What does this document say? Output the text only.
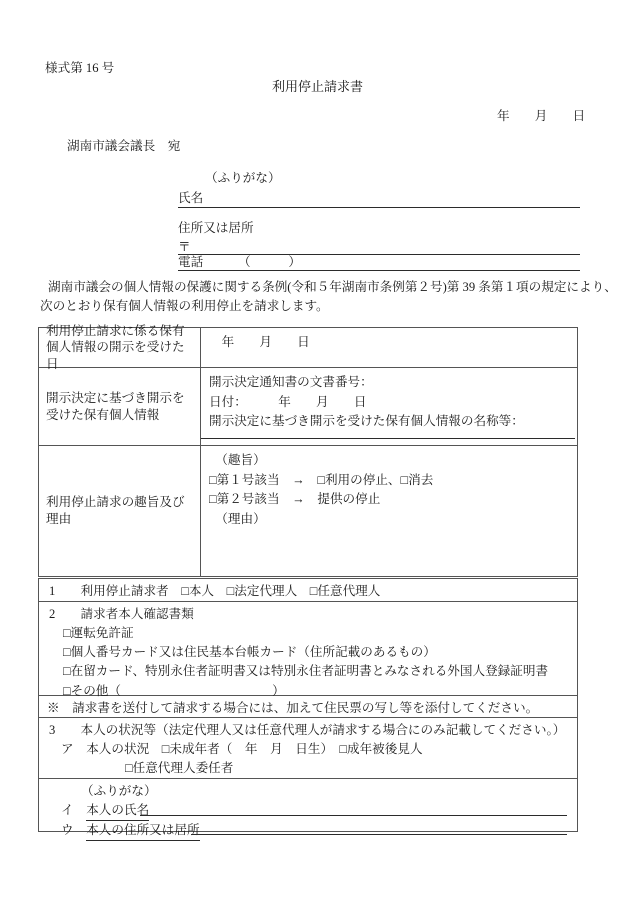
様式第 16 号
利用停止請求書
年　　月　　日
湖南市議会議長　宛
（ふりがな）
氏名
住所又は居所
〒
電話	（　　　）
湖南市議会の個人情報の保護に関する条例(令和５年湖南市条例第２号)第 39 条第１項の規定により、
次のとおり保有個人情報の利用停止を請求します。
利用停止請求に係る保有個人情報の開示を受けた日
　年　　月　　日
開示決定に基づき開示を受けた保有個人情報
開示決定通知書の文書番号：
日付：　　　年　　月　　日
開示決定に基づき開示を受けた保有個人情報の名称等：
利用停止請求の趣旨及び理由
　（趣旨）
□第１号該当　→　□利用の停止、□消去
□第２号該当　→　提供の停止
　（理由）
1　　 利用停止請求者　 □本人　□法定代理人　□任意代理人
2　　 請求者本人確認書類
□運転免許証
□個人番号カード又は住民基本台帳カード（住所記載のあるもの）
□在留カード、特別永住者証明書又は特別永住者証明書とみなされる外国人登録証明書
□その他（　　　　　　　　　　　　）
※　請求書を送付して請求する場合には、加えて住民票の写し等を添付してください。
3　　 本人の状況等（法定代理人又は任意代理人が請求する場合にのみ記載してください。）
ア　 本人の状況　 □未成年者（　年　月　日生）　□成年被後見人
□任意代理人委任者
（ふりがな）
イ　 本人の氏名
ウ　 本人の住所又は居所
